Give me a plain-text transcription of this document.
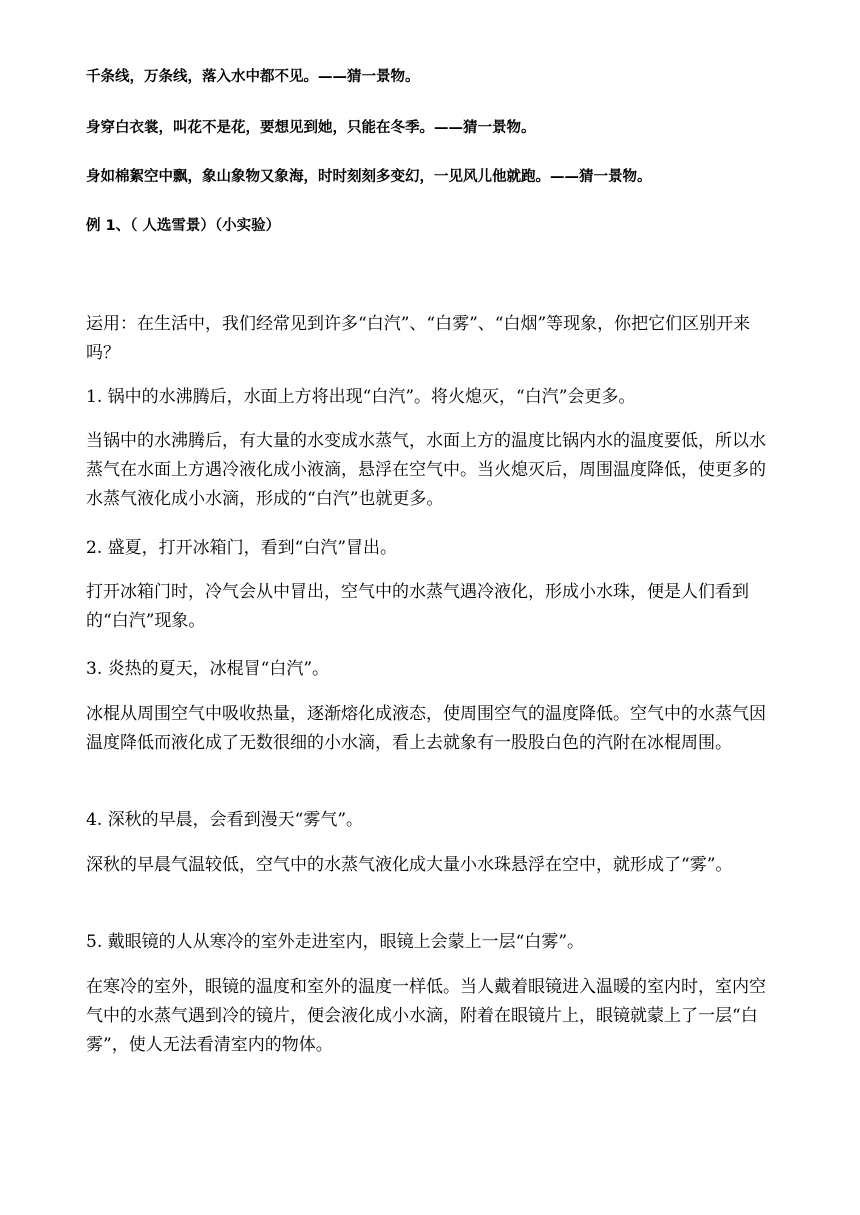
千条线，万条线，落入水中都不见。——猜一景物。
身穿白衣裳，叫花不是花，要想见到她，只能在冬季。——猜一景物。
身如棉絮空中飘，象山象物又象海，时时刻刻多变幻，一见风儿他就跑。——猜一景物。
例 1、（ 人选雪景）（小实验）

运用：在生活中，我们经常见到许多“白汽”、“白雾”、“白烟”等现象，你把它们区别开来吗？

1. 锅中的水沸腾后，水面上方将出现“白汽”。将火熄灭，“白汽”会更多。

当锅中的水沸腾后，有大量的水变成水蒸气，水面上方的温度比锅内水的温度要低，所以水蒸气在水面上方遇冷液化成小液滴，悬浮在空气中。当火熄灭后，周围温度降低，使更多的水蒸气液化成小水滴，形成的“白汽”也就更多。

2. 盛夏，打开冰箱门，看到“白汽”冒出。

打开冰箱门时，冷气会从中冒出，空气中的水蒸气遇冷液化，形成小水珠，便是人们看到的“白汽”现象。

3. 炎热的夏天，冰棍冒“白汽”。

冰棍从周围空气中吸收热量，逐渐熔化成液态，使周围空气的温度降低。空气中的水蒸气因温度降低而液化成了无数很细的小水滴，看上去就象有一股股白色的汽附在冰棍周围。

4. 深秋的早晨，会看到漫天“雾气”。

深秋的早晨气温较低，空气中的水蒸气液化成大量小水珠悬浮在空中，就形成了“雾”。

5. 戴眼镜的人从寒冷的室外走进室内，眼镜上会蒙上一层“白雾”。

在寒冷的室外，眼镜的温度和室外的温度一样低。当人戴着眼镜进入温暖的室内时，室内空气中的水蒸气遇到冷的镜片，便会液化成小水滴，附着在眼镜片上，眼镜就蒙上了一层“白雾”，使人无法看清室内的物体。
